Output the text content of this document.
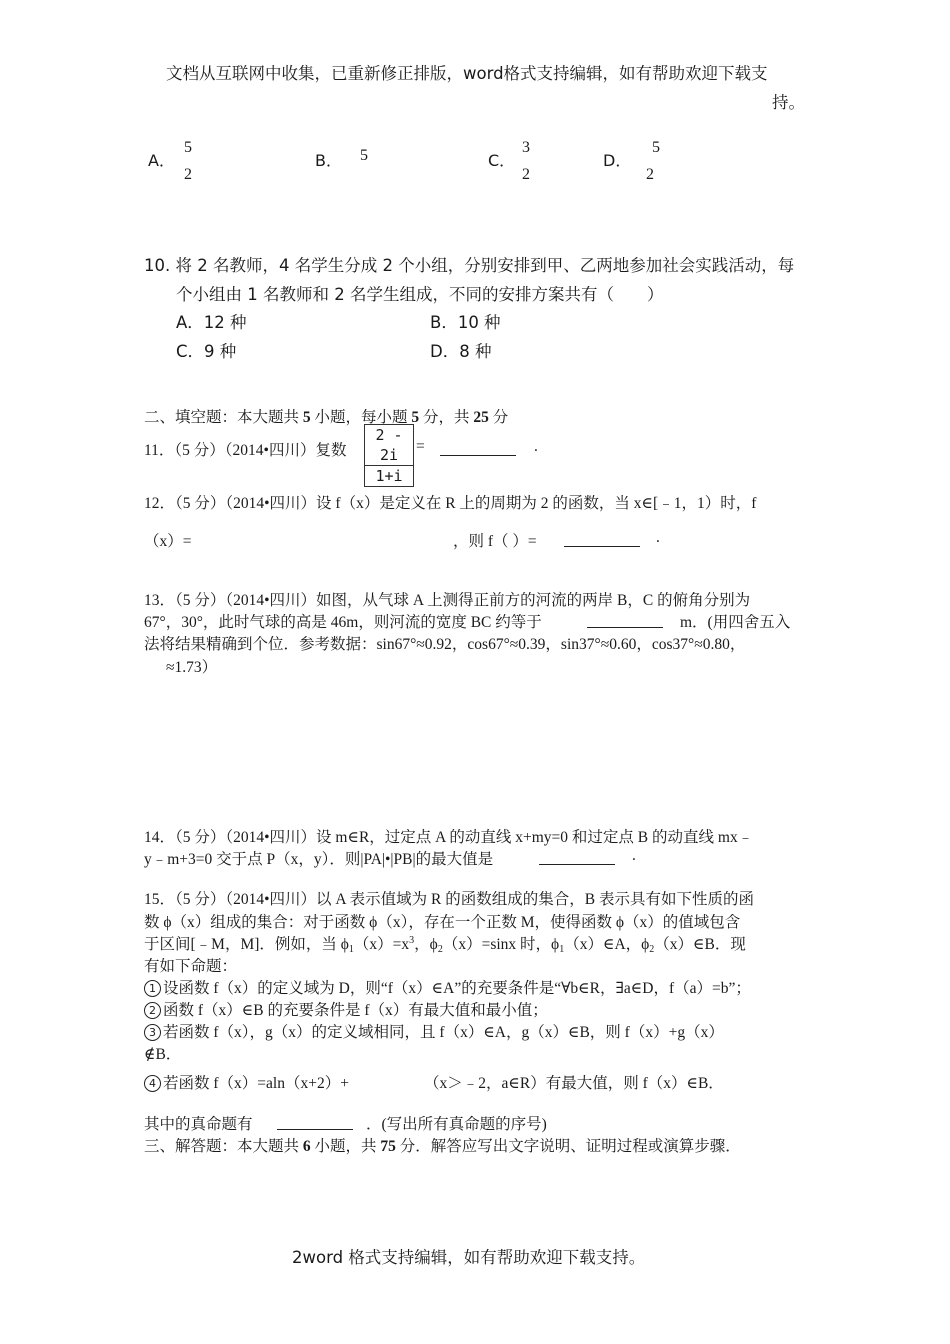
文档从互联网中收集，已重新修正排版，word格式支持编辑，如有帮助欢迎下载支
持。
A．
5
2
B． 5	C．
3
2
D．
5
2
10. 将 2 名教师，4 名学生分成 2 个小组，分别安排到甲、乙两地参加社会实践活动，每
个小组由 1 名教师和 2 名学生组成，不同的安排方案共有（　　）
A．12 种	B．10 种
C．9 种	D．8 种
二、填空题：本大题共 5 小题，每小题 5 分，共 25 分
11．（5 分）（2014•四川）复数 $\frac{2 - 2i}{1+i}$ =	.
12．（5 分）（2014•四川）设 f（x）是定义在 R 上的周期为 2 的函数，当 x∈[﹣1，1）时，f
（x）=	，则 f（ ）=	.
13．（5 分）（2014•四川）如图，从气球 A 上测得正前方的河流的两岸 B，C 的俯角分别为
67°，30°，此时气球的高是 46m，则河流的宽度 BC 约等于	m．(用四舍五入
法将结果精确到个位．参考数据：sin67°≈0.92，cos67°≈0.39，sin37°≈0.60，cos37°≈0.80，
≈1.73）
14．（5 分）（2014•四川）设 m∈R，过定点 A 的动直线 x+my=0 和过定点 B 的动直线 mx﹣
y﹣m+3=0 交于点 P（x，y）．则|PA|•|PB|的最大值是	.
15．（5 分）（2014•四川）以 A 表示值域为 R 的函数组成的集合，B 表示具有如下性质的函
数 ϕ（x）组成的集合：对于函数 ϕ（x），存在一个正数 M，使得函数 ϕ（x）的值域包含
于区间[﹣M，M]．例如，当 $\phi_1(x)=x^3$，$\phi_2(x)=\sin x$ 时，$\phi_1(x)\in A$，$\phi_2(x)\in B$．现
有如下命题：
1 设函数 f（x）的定义域为 D，则“f（x）∈A”的充要条件是“∀b∈R，∃a∈D，f（a）=b”；
2 函数 f（x）∈B 的充要条件是 f（x）有最大值和最小值；
3 若函数 f（x），g（x）的定义域相同，且 f（x）∈A，g（x）∈B，则 f（x）+g（x）
∉B．
4 若函数 f（x）=aln（x+2）+	（x＞﹣2，a∈R）有最大值，则 f（x）∈B．
其中的真命题有	．(写出所有真命题的序号)
三、解答题：本大题共 6 小题，共 75 分．解答应写出文字说明、证明过程或演算步骤．
2word 格式支持编辑，如有帮助欢迎下载支持。
